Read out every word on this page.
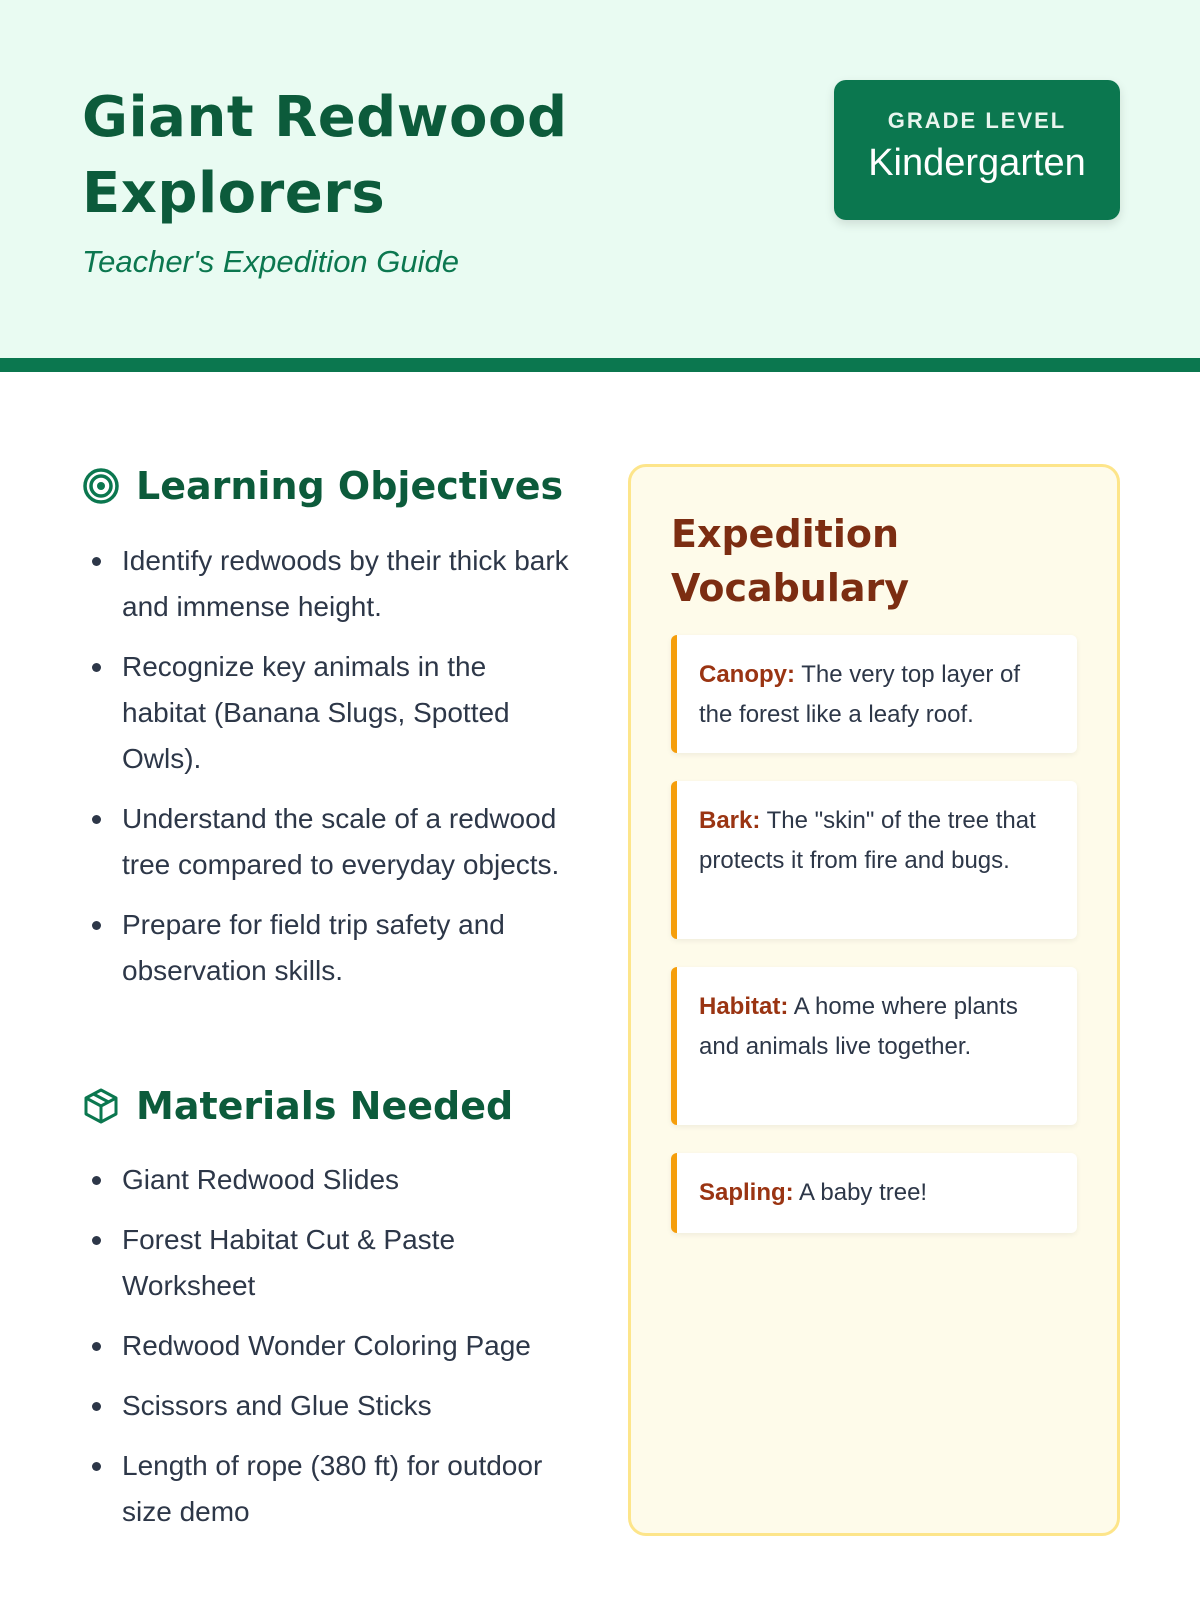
Giant Redwood Explorers
Teacher's Expedition Guide
GRADE LEVEL
Kindergarten
Learning Objectives
Identify redwoods by their thick bark and immense height.
Recognize key animals in the habitat (Banana Slugs, Spotted Owls).
Understand the scale of a redwood tree compared to everyday objects.
Prepare for field trip safety and observation skills.
Materials Needed
Giant Redwood Slides
Forest Habitat Cut & Paste Worksheet
Redwood Wonder Coloring Page
Scissors and Glue Sticks
Length of rope (380 ft) for outdoor size demo
Expedition Vocabulary
Canopy: The very top layer of the forest like a leafy roof.
Bark: The "skin" of the tree that protects it from fire and bugs.
Habitat: A home where plants and animals live together.
Sapling: A baby tree!
